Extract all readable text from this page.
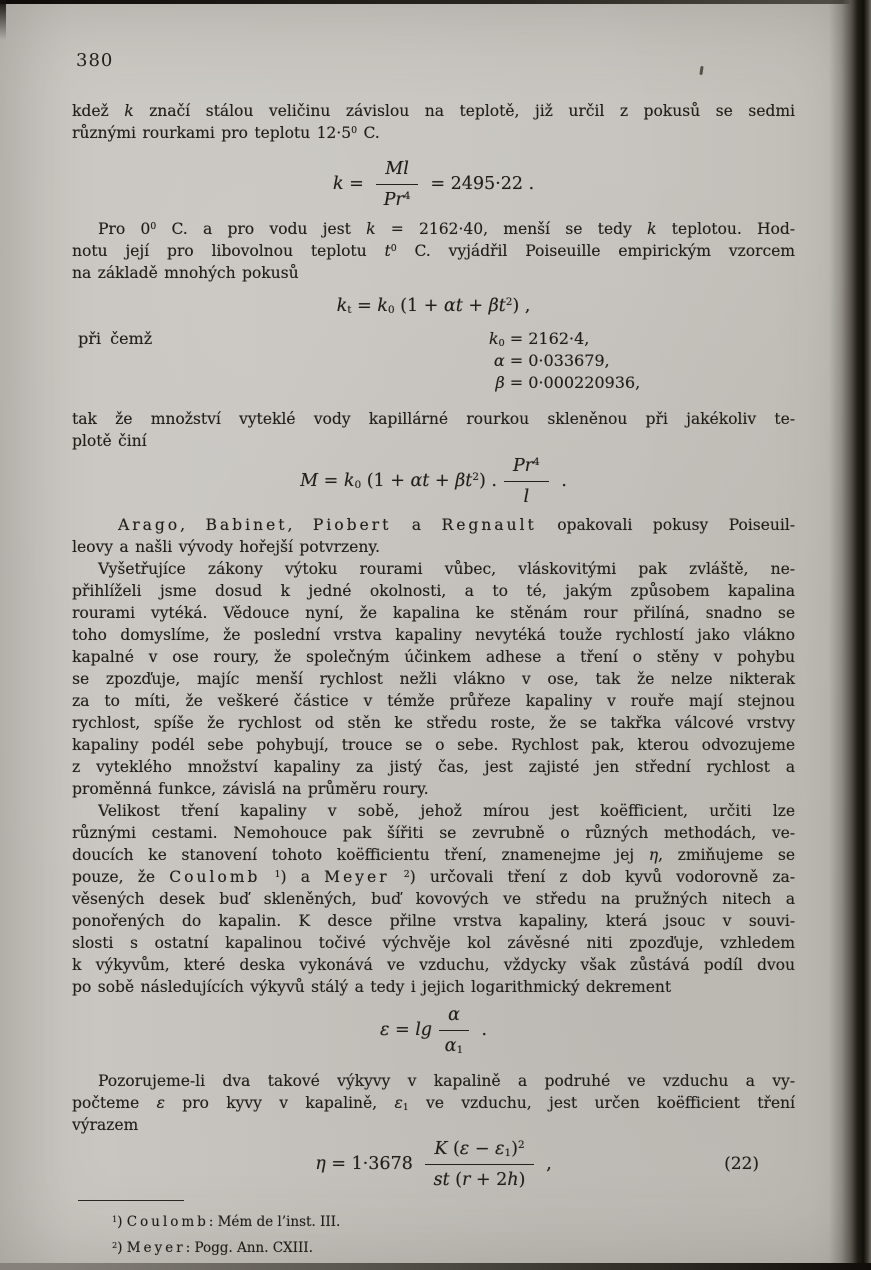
380
kdež k značí stálou veličinu závislou na teplotě, již určil z pokusů se sedmi
různými rourkami pro teplotu $12\cdot 5^0$ C.
$k = \frac{Ml}{Pr^4} = 2495\cdot 22$ .
Pro $0^0$ C. a pro vodu jest k = 2162·40, menší se tedy k teplotou. Hod-
notu její pro libovolnou teplotu $t^0$ C. vyjádřil Poiseuille empirickým vzorcem
na základě mnohých pokusů
$k_t = k_0$ $(1 + \alpha t + \beta t^2)$ ,
při čemž	$k_0 = 2162\cdot 4$,
α = 0·033679,
β = 0·000220936,
tak že množství vyteklé vody kapillárné rourkou skleněnou při jakékoliv te-
plotě činí
$M = k_0$ $(1 + \alpha t + \beta t^2)$ . $\frac{Pr^4}{l}$ .
Arago, Babinet, Piobert a Regnault opakovali pokusy Poiseuil-
leovy a našli vývody hořejší potvrzeny.
Vyšetřujíce zákony výtoku rourami vůbec, vláskovitými pak zvláště, ne-
přihlíželi jsme dosud k jedné okolnosti, a to té, jakým způsobem kapalina
rourami vytéká. Vědouce nyní, že kapalina ke stěnám rour přilíná, snadno se
toho domyslíme, že poslední vrstva kapaliny nevytéká touže rychlostí jako vlákno
kapalné v ose roury, že společným účinkem adhese a tření o stěny v pohybu
se zpozďuje, majíc menší rychlost nežli vlákno v ose, tak že nelze nikterak
za to míti, že veškeré částice v témže průřeze kapaliny v rouře mají stejnou
rychlost, spíše že rychlost od stěn ke středu roste, že se takřka válcové vrstvy
kapaliny podél sebe pohybují, trouce se o sebe. Rychlost pak, kterou odvozujeme
z vyteklého množství kapaliny za jistý čas, jest zajisté jen střední rychlost a
proměnná funkce, závislá na průměru roury.
Velikost tření kapaliny v sobě, jehož mírou jest koëfficient, určiti lze
různými cestami. Nemohouce pak šířiti se zevrubně o různých methodách, ve-
doucích ke stanovení tohoto koëfficientu tření, znamenejme jej η, zmiňujeme se
pouze, že Coulomb $^1$) a Meyer $^2$) určovali tření z dob kyvů vodorovně za-
věsených desek buď skleněných, buď kovových ve středu na pružných nitech a
ponořených do kapalin. K desce přilne vrstva kapaliny, která jsouc v souvi-
slosti s ostatní kapalinou točivé výchvěje kol závěsné niti zpozďuje, vzhledem
k výkyvům, které deska vykonává ve vzduchu, vždycky však zůstává podíl dvou
po sobě následujících výkyvů stálý a tedy i jejich logarithmický dekrement
$\varepsilon = \lg \frac{\alpha}{\alpha_1}$ .
Pozorujeme-li dva takové výkyvy v kapalině a podruhé ve vzduchu a vy-
počteme ε pro kyvy v kapalině, $\varepsilon_1$ ve vzduchu, jest určen koëfficient tření
výrazem
$\eta = 1\cdot 3678 \frac{K (\varepsilon - \varepsilon_1)^2}{st (r + 2h)}$ ,	(22)
$^1$) Coulomb: Mém de l’inst. III.
$^2$) Meyer: Pogg. Ann. CXIII.
